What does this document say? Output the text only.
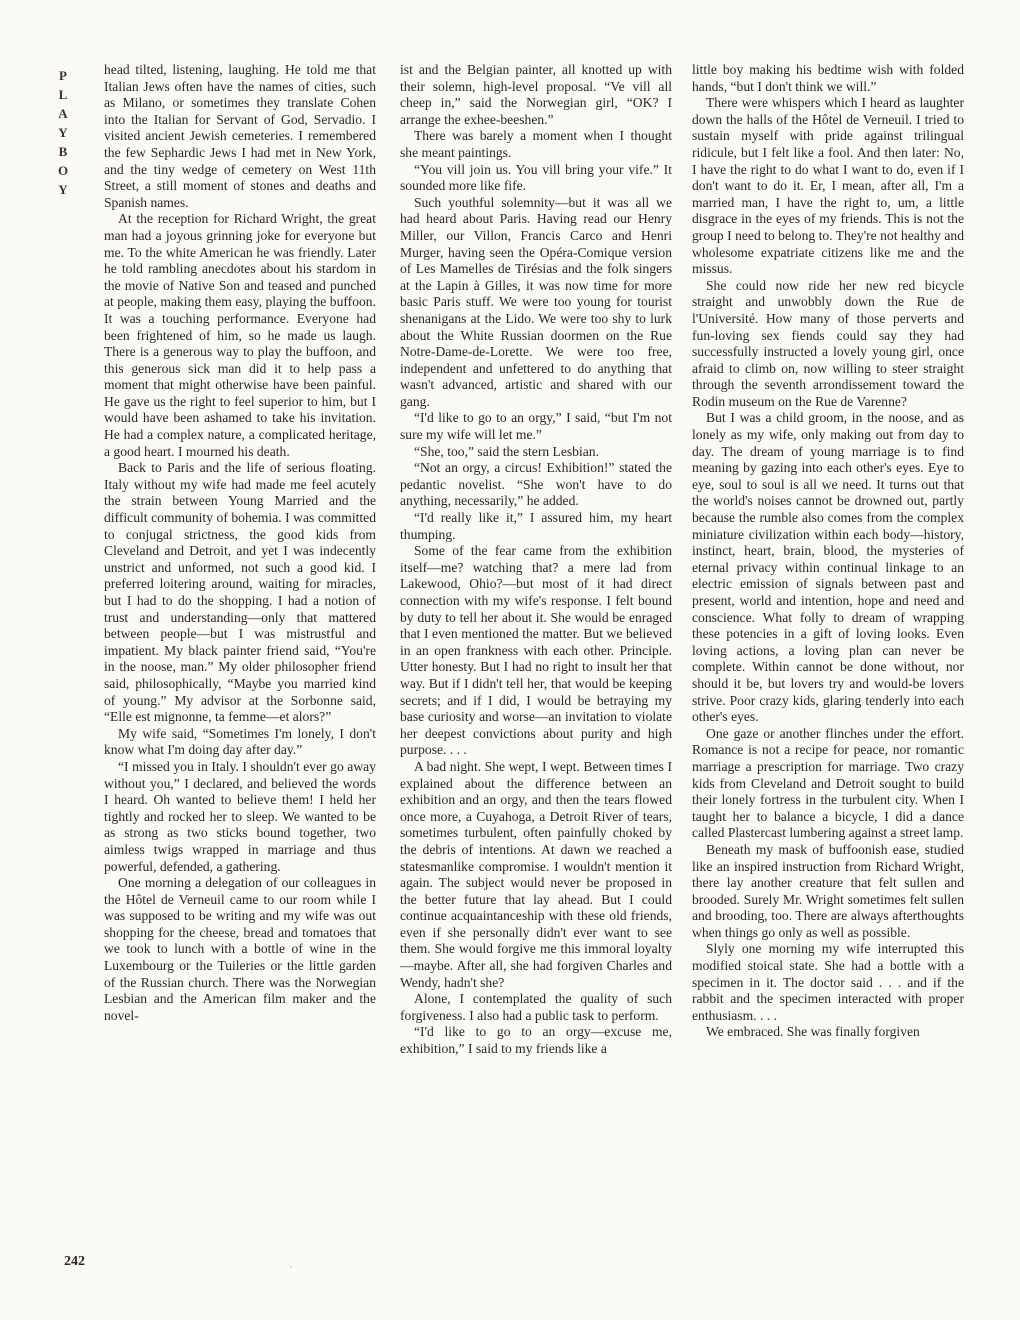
PLAYBOY
242

head tilted, listening, laughing. He told me that Italian Jews often have the names of cities, such as Milano, or sometimes they translate Cohen into the Italian for Servant of God, Servadio. I visited ancient Jewish cemeteries. I remembered the few Sephardic Jews I had met in New York, and the tiny wedge of cemetery on West 11th Street, a still moment of stones and deaths and Spanish names.

At the reception for Richard Wright, the great man had a joyous grinning joke for everyone but me. To the white American he was friendly. Later he told rambling anecdotes about his stardom in the movie of Native Son and teased and punched at people, making them easy, playing the buffoon. It was a touching performance. Everyone had been frightened of him, so he made us laugh. There is a generous way to play the buffoon, and this generous sick man did it to help pass a moment that might otherwise have been painful. He gave us the right to feel superior to him, but I would have been ashamed to take his invitation. He had a complex nature, a complicated heritage, a good heart. I mourned his death.

Back to Paris and the life of serious floating. Italy without my wife had made me feel acutely the strain between Young Married and the difficult community of bohemia. I was committed to conjugal strictness, the good kids from Cleveland and Detroit, and yet I was indecently unstrict and unformed, not such a good kid. I preferred loitering around, waiting for miracles, but I had to do the shopping. I had a notion of trust and understanding—only that mattered between people—but I was mistrustful and impatient. My black painter friend said, “You're in the noose, man.” My older philosopher friend said, philosophically, “Maybe you married kind of young.” My advisor at the Sorbonne said, “Elle est mignonne, ta femme—et alors?”

My wife said, “Sometimes I'm lonely, I don't know what I'm doing day after day.”

“I missed you in Italy. I shouldn't ever go away without you,” I declared, and believed the words I heard. Oh wanted to believe them! I held her tightly and rocked her to sleep. We wanted to be as strong as two sticks bound together, two aimless twigs wrapped in marriage and thus powerful, defended, a gathering.

One morning a delegation of our colleagues in the Hôtel de Verneuil came to our room while I was supposed to be writing and my wife was out shopping for the cheese, bread and tomatoes that we took to lunch with a bottle of wine in the Luxembourg or the Tuileries or the little garden of the Russian church. There was the Norwegian Lesbian and the American film maker and the novel-

ist and the Belgian painter, all knotted up with their solemn, high-level proposal. “Ve vill all cheep in,” said the Norwegian girl, “OK? I arrange the exhee-beeshen.”

There was barely a moment when I thought she meant paintings.

“You vill join us. You vill bring your vife.” It sounded more like fife.

Such youthful solemnity—but it was all we had heard about Paris. Having read our Henry Miller, our Villon, Francis Carco and Henri Murger, having seen the Opéra-Comique version of Les Mamelles de Tirésias and the folk singers at the Lapin à Gilles, it was now time for more basic Paris stuff. We were too young for tourist shenanigans at the Lido. We were too shy to lurk about the White Russian doormen on the Rue Notre-Dame-de-Lorette. We were too free, independent and unfettered to do anything that wasn't advanced, artistic and shared with our gang.

“I'd like to go to an orgy,” I said, “but I'm not sure my wife will let me.”

“She, too,” said the stern Lesbian.

“Not an orgy, a circus! Exhibition!” stated the pedantic novelist. “She won't have to do anything, necessarily,” he added.

“I'd really like it,” I assured him, my heart thumping.

Some of the fear came from the exhibition itself—me? watching that? a mere lad from Lakewood, Ohio?—but most of it had direct connection with my wife's response. I felt bound by duty to tell her about it. She would be enraged that I even mentioned the matter. But we believed in an open frankness with each other. Principle. Utter honesty. But I had no right to insult her that way. But if I didn't tell her, that would be keeping secrets; and if I did, I would be betraying my base curiosity and worse—an invitation to violate her deepest convictions about purity and high purpose. . . .

A bad night. She wept, I wept. Between times I explained about the difference between an exhibition and an orgy, and then the tears flowed once more, a Cuyahoga, a Detroit River of tears, sometimes turbulent, often painfully choked by the debris of intentions. At dawn we reached a statesmanlike compromise. I wouldn't mention it again. The subject would never be proposed in the better future that lay ahead. But I could continue acquaintanceship with these old friends, even if she personally didn't ever want to see them. She would forgive me this immoral loyalty—maybe. After all, she had forgiven Charles and Wendy, hadn't she?

Alone, I contemplated the quality of such forgiveness. I also had a public task to perform.

“I'd like to go to an orgy—excuse me, exhibition,” I said to my friends like a

little boy making his bedtime wish with folded hands, “but I don't think we will.”

There were whispers which I heard as laughter down the halls of the Hôtel de Verneuil. I tried to sustain myself with pride against trilingual ridicule, but I felt like a fool. And then later: No, I have the right to do what I want to do, even if I don't want to do it. Er, I mean, after all, I'm a married man, I have the right to, um, a little disgrace in the eyes of my friends. This is not the group I need to belong to. They're not healthy and wholesome expatriate citizens like me and the missus.

She could now ride her new red bicycle straight and unwobbly down the Rue de l'Université. How many of those perverts and fun-loving sex fiends could say they had successfully instructed a lovely young girl, once afraid to climb on, now willing to steer straight through the seventh arrondissement toward the Rodin museum on the Rue de Varenne?

But I was a child groom, in the noose, and as lonely as my wife, only making out from day to day. The dream of young marriage is to find meaning by gazing into each other's eyes. Eye to eye, soul to soul is all we need. It turns out that the world's noises cannot be drowned out, partly because the rumble also comes from the complex miniature civilization within each body—history, instinct, heart, brain, blood, the mysteries of eternal privacy within continual linkage to an electric emission of signals between past and present, world and intention, hope and need and conscience. What folly to dream of wrapping these potencies in a gift of loving looks. Even loving actions, a loving plan can never be complete. Within cannot be done without, nor should it be, but lovers try and would-be lovers strive. Poor crazy kids, glaring tenderly into each other's eyes.

One gaze or another flinches under the effort. Romance is not a recipe for peace, nor romantic marriage a prescription for marriage. Two crazy kids from Cleveland and Detroit sought to build their lonely fortress in the turbulent city. When I taught her to balance a bicycle, I did a dance called Plastercast lumbering against a street lamp.

Beneath my mask of buffoonish ease, studied like an inspired instruction from Richard Wright, there lay another creature that felt sullen and brooded. Surely Mr. Wright sometimes felt sullen and brooding, too. There are always afterthoughts when things go only as well as possible.

Slyly one morning my wife interrupted this modified stoical state. She had a bottle with a specimen in it. The doctor said . . . and if the rabbit and the specimen interacted with proper enthusiasm. . . .

We embraced. She was finally forgiven
